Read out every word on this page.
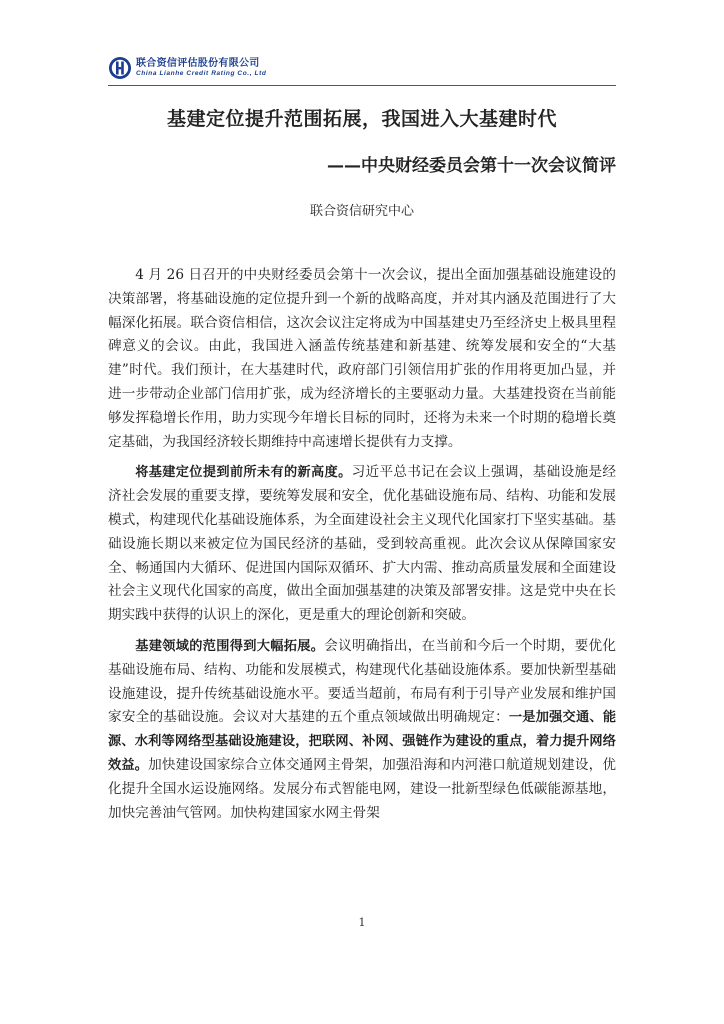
联合资信评估股份有限公司
China Lianhe Credit Rating Co., Ltd
基建定位提升范围拓展，我国进入大基建时代
——中央财经委员会第十一次会议简评
联合资信研究中心

4 月 26 日召开的中央财经委员会第十一次会议，提出全面加强基础设施建设的决策部署，将基础设施的定位提升到一个新的战略高度，并对其内涵及范围进行了大幅深化拓展。联合资信相信，这次会议注定将成为中国基建史乃至经济史上极具里程碑意义的会议。由此，我国进入涵盖传统基建和新基建、统筹发展和安全的“大基建”时代。我们预计，在大基建时代，政府部门引领信用扩张的作用将更加凸显，并进一步带动企业部门信用扩张，成为经济增长的主要驱动力量。大基建投资在当前能够发挥稳增长作用，助力实现今年增长目标的同时，还将为未来一个时期的稳增长奠定基础，为我国经济较长期维持中高速增长提供有力支撑。

将基建定位提到前所未有的新高度。习近平总书记在会议上强调，基础设施是经济社会发展的重要支撑，要统筹发展和安全，优化基础设施布局、结构、功能和发展模式，构建现代化基础设施体系，为全面建设社会主义现代化国家打下坚实基础。基础设施长期以来被定位为国民经济的基础，受到较高重视。此次会议从保障国家安全、畅通国内大循环、促进国内国际双循环、扩大内需、推动高质量发展和全面建设社会主义现代化国家的高度，做出全面加强基建的决策及部署安排。这是党中央在长期实践中获得的认识上的深化，更是重大的理论创新和突破。

基建领域的范围得到大幅拓展。会议明确指出，在当前和今后一个时期，要优化基础设施布局、结构、功能和发展模式，构建现代化基础设施体系。要加快新型基础设施建设，提升传统基础设施水平。要适当超前，布局有利于引导产业发展和维护国家安全的基础设施。会议对大基建的五个重点领域做出明确规定：一是加强交通、能源、水利等网络型基础设施建设，把联网、补网、强链作为建设的重点，着力提升网络效益。加快建设国家综合立体交通网主骨架，加强沿海和内河港口航道规划建设，优化提升全国水运设施网络。发展分布式智能电网，建设一批新型绿色低碳能源基地，加快完善油气管网。加快构建国家水网主骨架

1
